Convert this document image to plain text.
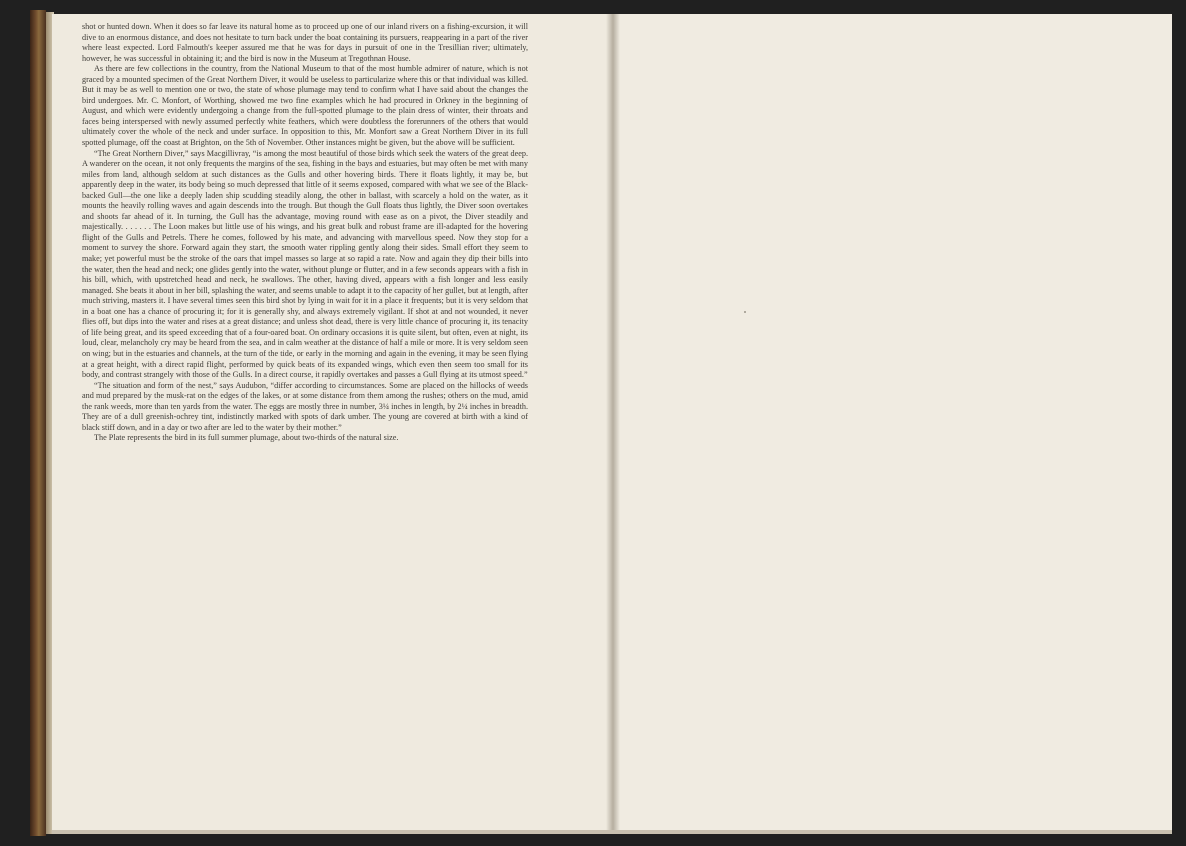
shot or hunted down. When it does so far leave its natural home as to proceed up one of our inland rivers on a fishing-excursion, it will dive to an enormous distance, and does not hesitate to turn back under the boat containing its pursuers, reappearing in a part of the river where least expected. Lord Falmouth's keeper assured me that he was for days in pursuit of one in the Tresillian river; ultimately, however, he was successful in obtaining it; and the bird is now in the Museum at Tregothnan House.

As there are few collections in the country, from the National Museum to that of the most humble admirer of nature, which is not graced by a mounted specimen of the Great Northern Diver, it would be useless to particularize where this or that individual was killed. But it may be as well to mention one or two, the state of whose plumage may tend to confirm what I have said about the changes the bird undergoes. Mr. C. Monfort, of Worthing, showed me two fine examples which he had procured in Orkney in the beginning of August, and which were evidently undergoing a change from the full-spotted plumage to the plain dress of winter, their throats and faces being interspersed with newly assumed perfectly white feathers, which were doubtless the forerunners of the others that would ultimately cover the whole of the neck and under surface. In opposition to this, Mr. Monfort saw a Great Northern Diver in its full spotted plumage, off the coast at Brighton, on the 5th of November. Other instances might be given, but the above will be sufficient.

“The Great Northern Diver,” says Macgillivray, “is among the most beautiful of those birds which seek the waters of the great deep. A wanderer on the ocean, it not only frequents the margins of the sea, fishing in the bays and estuaries, but may often be met with many miles from land, although seldom at such distances as the Gulls and other hovering birds. There it floats lightly, it may be, but apparently deep in the water, its body being so much depressed that little of it seems exposed, compared with what we see of the Black-backed Gull—the one like a deeply laden ship scudding steadily along, the other in ballast, with scarcely a hold on the water, as it mounts the heavily rolling waves and again descends into the trough. But though the Gull floats thus lightly, the Diver soon overtakes and shoots far ahead of it. In turning, the Gull has the advantage, moving round with ease as on a pivot, the Diver steadily and majestically. . . . . . . The Loon makes but little use of his wings, and his great bulk and robust frame are ill-adapted for the hovering flight of the Gulls and Petrels. There he comes, followed by his mate, and advancing with marvellous speed. Now they stop for a moment to survey the shore. Forward again they start, the smooth water rippling gently along their sides. Small effort they seem to make; yet powerful must be the stroke of the oars that impel masses so large at so rapid a rate. Now and again they dip their bills into the water, then the head and neck; one glides gently into the water, without plunge or flutter, and in a few seconds appears with a fish in his bill, which, with upstretched head and neck, he swallows. The other, having dived, appears with a fish longer and less easily managed. She beats it about in her bill, splashing the water, and seems unable to adapt it to the capacity of her gullet, but at length, after much striving, masters it. I have several times seen this bird shot by lying in wait for it in a place it frequents; but it is very seldom that in a boat one has a chance of procuring it; for it is generally shy, and always extremely vigilant. If shot at and not wounded, it never flies off, but dips into the water and rises at a great distance; and unless shot dead, there is very little chance of procuring it, its tenacity of life being great, and its speed exceeding that of a four-oared boat. On ordinary occasions it is quite silent, but often, even at night, its loud, clear, melancholy cry may be heard from the sea, and in calm weather at the distance of half a mile or more. It is very seldom seen on wing; but in the estuaries and channels, at the turn of the tide, or early in the morning and again in the evening, it may be seen flying at a great height, with a direct rapid flight, performed by quick beats of its expanded wings, which even then seem too small for its body, and contrast strangely with those of the Gulls. In a direct course, it rapidly overtakes and passes a Gull flying at its utmost speed.”

“The situation and form of the nest,” says Audubon, “differ according to circumstances. Some are placed on the hillocks of weeds and mud prepared by the musk-rat on the edges of the lakes, or at some distance from them among the rushes; others on the mud, amid the rank weeds, more than ten yards from the water. The eggs are mostly three in number, 3¼ inches in length, by 2¼ inches in breadth. They are of a dull greenish-ochrey tint, indistinctly marked with spots of dark umber. The young are covered at birth with a kind of black stiff down, and in a day or two after are led to the water by their mother.”

The Plate represents the bird in its full summer plumage, about two-thirds of the natural size.
